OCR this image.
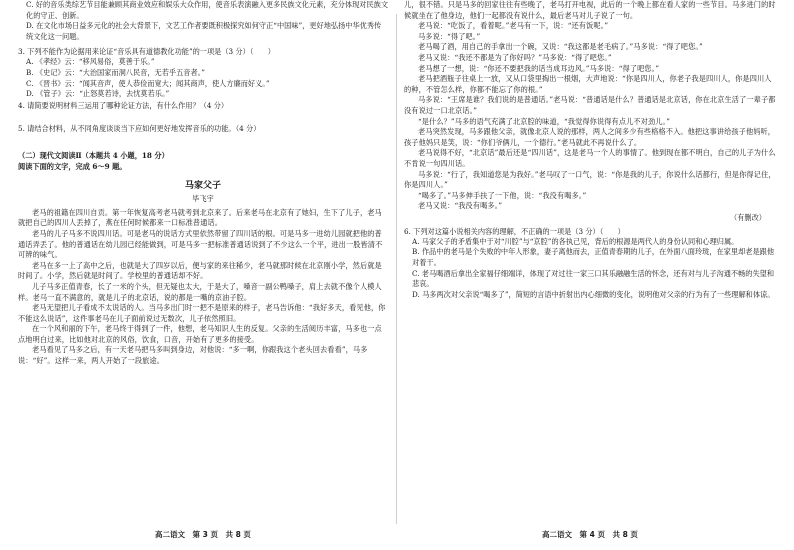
C. 好的音乐类综艺节目能兼顾其商业效应和娱乐大众作用，使音乐表演融入更多民族文化元素，充分体现对民族文化的守正、创新。

D. 在文化市场日益多元化的社会大背景下，文艺工作者要既积极探究如何守正“中国味”，更好地弘扬中华优秀传统文化这一问题。

3. 下列不能作为论据用来论证“音乐具有道德教化功能”的一项是（3 分）（　　）

A. 《孝经》云：“移风易俗，莫善于乐。”

B. 《史记》云：“大治国家而洞八民音，无若乎五音者。”

C. 《晋书》云：“闻其音声，使人恭俭而宽大；闻其商声，使人方廉而好义。”

D. 《管子》云：“止怒莫若诗，去忧莫若乐。”

4. 请简要说明材料三运用了哪种论证方法，有什么作用？（4 分）

5. 请结合材料，从不同角度谈谈当下应如何更好地发挥音乐的功能。（4 分）

（二）现代文阅读Ⅱ（本题共 4 小题，18 分）

阅读下面的文字，完成 6～9 题。

马家父子
毕飞宇

老马的祖籍在四川自贡。第一年恢复高考老马就考到北京来了。后来老马在北京有了她妇，生下了儿子，老马就把自己的四川人丢掉了，燕在任何时候都来一口标准普通话。

老马的儿子马多不说四川话。可是老马的说话方式里依然带留了四川话的根。可是马多一进幼儿园就把他的普通话弄丢了。他的普通话在幼儿园已经能做到，可是马多一把标准普通话说到了不少这么一个平，进出一股皆清不可辨的味气。

老马在多一上了高中之后，也就是大了四岁以后，便与家的来往稀少，老马就那时候在北京刚小学，然后就是时间了。小学，然后就是时间了。学校里的普通话却不好。

儿子马多正值青春，长了一米的个头，但无疑也太大，于是大了，嗓音一副公鸭嗓子，肩上去就不像个人模人样。老马一直不满意的，就是儿子的北京话，说的都是一嘴的京油子腔。

老马无望把儿子看成不太说话的人。当马多出门时一把不是原来的样子，老马告诉他：“我好多天，看见他，你不能这么说话”，这件事老马在儿子面前说过无数次，儿子依然照旧。

在一个风和丽的下午，老马终于得到了一件，他想，老马知识人生的反复。父亲的生活阅历丰富，马多也一点点地明白过来，比如他对北京的风俗，饮食，口音，开始有了更多的接受。

老马看见了马多之后，有一天老马把马多叫到身边，对他说：“多一啊，你跟我这个老头回去看看”，马多说：“好”。这样一来，两人开始了一段旅途。

高二语文　第 3 页　共 8 页

儿，很不错。只是马多的回家往往有些晚了，老马打开电视，此后的一个晚上都在看人家的一些节目。马多进门的时候就坐在了他身边，他们一起都没有说什么，最后老马对儿子说了一句。

老马说：“吃饭了，看着呢。”老马有一下，说：“还有饭呢。”

马多说：“得了吧。”

老马喝了酒，用自己的手拿出一个碗，又说：“我这都是老毛病了。”马多说：“得了吧您。”

老马又说：“我还不都是为了你好吗？”马多说：“得了吧您。”

老马想了一想，说：“你还不要把我的话当成耳边风。”马多说：“得了吧您。”

老马把酒瓶子往桌上一放，又从口袋里掏出一根烟，大声地说：“你是四川人，你老子我是四川人，你是四川人的种，不管怎么样，你都不能忘了你的根。”

马多说：“王席是谁？我们说的是普通话。”老马说：“普通话是什么？普通话是北京话，你在北京生活了一辈子都没有说过一口北京话。”

“是什么？”马多的语气充满了北京腔的味道，“我觉得你说得有点儿不对劲儿。”

老马突然发现，马多跟他父亲，就像北京人说的那样，两人之间多少有些格格不入。他把这事讲给孩子他妈听，孩子他妈只是笑，说：“你们爷俩儿，一个德行。”老马就此不再说什么了。

老马说得不好，“北京话”最后还是“四川话”，这是老马一个人的事情了。他到现在都不明白，自己的儿子为什么不肯说一句四川话。

马多说：“行了，我知道您是为我好。”老马叹了一口气，说：“你是我的儿子，你说什么话都行，但是你得记住，你是四川人。”

“喝多了。”马多伸手扶了一下他，说：“我没有喝多。”

老马又说：“我没有喝多。”

（有删改）

6. 下列对这篇小说相关内容的理解，不正确的一项是（3 分）（　　）

A. 马家父子的矛盾集中于对“川腔”与“京腔”的各执己见，背后的根源是两代人的身份认同和心理归属。

B. 作品中的老马是个失败的中年人形象，妻子离他而去，正值青春期的儿子，在外面八面玲珑，在家里却老是跟他对着干。

C. 老马喝酒后拿出全家福仔细端详，体现了对过往一家三口其乐融融生活的怀念，还有对与儿子沟通不畅的失望和悲哀。

D. 马多两次对父亲说“喝多了”，简短的言语中折射出内心细微的变化，说明他对父亲的行为有了一些理解和体谅。

高二语文　第 4 页　共 8 页
